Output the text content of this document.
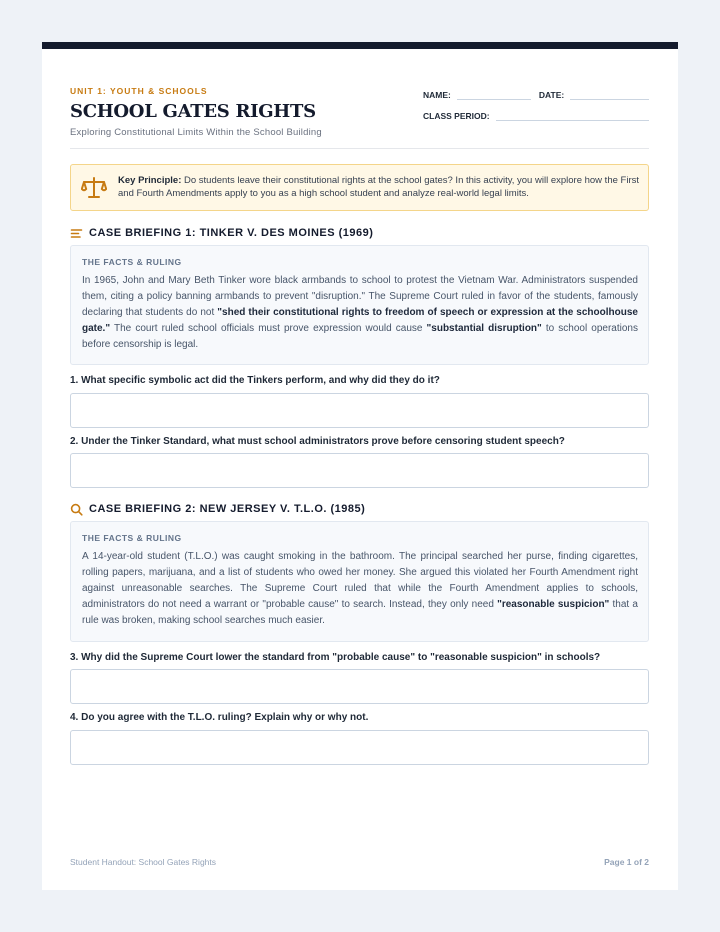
UNIT 1: YOUTH & SCHOOLS
SCHOOL GATES RIGHTS
Exploring Constitutional Limits Within the School Building
NAME:	DATE:
CLASS PERIOD:
Key Principle: Do students leave their constitutional rights at the school gates? In this activity, you will explore how the First and Fourth Amendments apply to you as a high school student and analyze real-world legal limits.
CASE BRIEFING 1: TINKER V. DES MOINES (1969)
THE FACTS & RULING
In 1965, John and Mary Beth Tinker wore black armbands to school to protest the Vietnam War. Administrators suspended them, citing a policy banning armbands to prevent "disruption." The Supreme Court ruled in favor of the students, famously declaring that students do not "shed their constitutional rights to freedom of speech or expression at the schoolhouse gate." The court ruled school officials must prove expression would cause "substantial disruption" to school operations before censorship is legal.
1. What specific symbolic act did the Tinkers perform, and why did they do it?
2. Under the Tinker Standard, what must school administrators prove before censoring student speech?
CASE BRIEFING 2: NEW JERSEY V. T.L.O. (1985)
THE FACTS & RULING
A 14-year-old student (T.L.O.) was caught smoking in the bathroom. The principal searched her purse, finding cigarettes, rolling papers, marijuana, and a list of students who owed her money. She argued this violated her Fourth Amendment right against unreasonable searches. The Supreme Court ruled that while the Fourth Amendment applies to schools, administrators do not need a warrant or "probable cause" to search. Instead, they only need "reasonable suspicion" that a rule was broken, making school searches much easier.
3. Why did the Supreme Court lower the standard from "probable cause" to "reasonable suspicion" in schools?
4. Do you agree with the T.L.O. ruling? Explain why or why not.
Student Handout: School Gates Rights	Page 1 of 2
